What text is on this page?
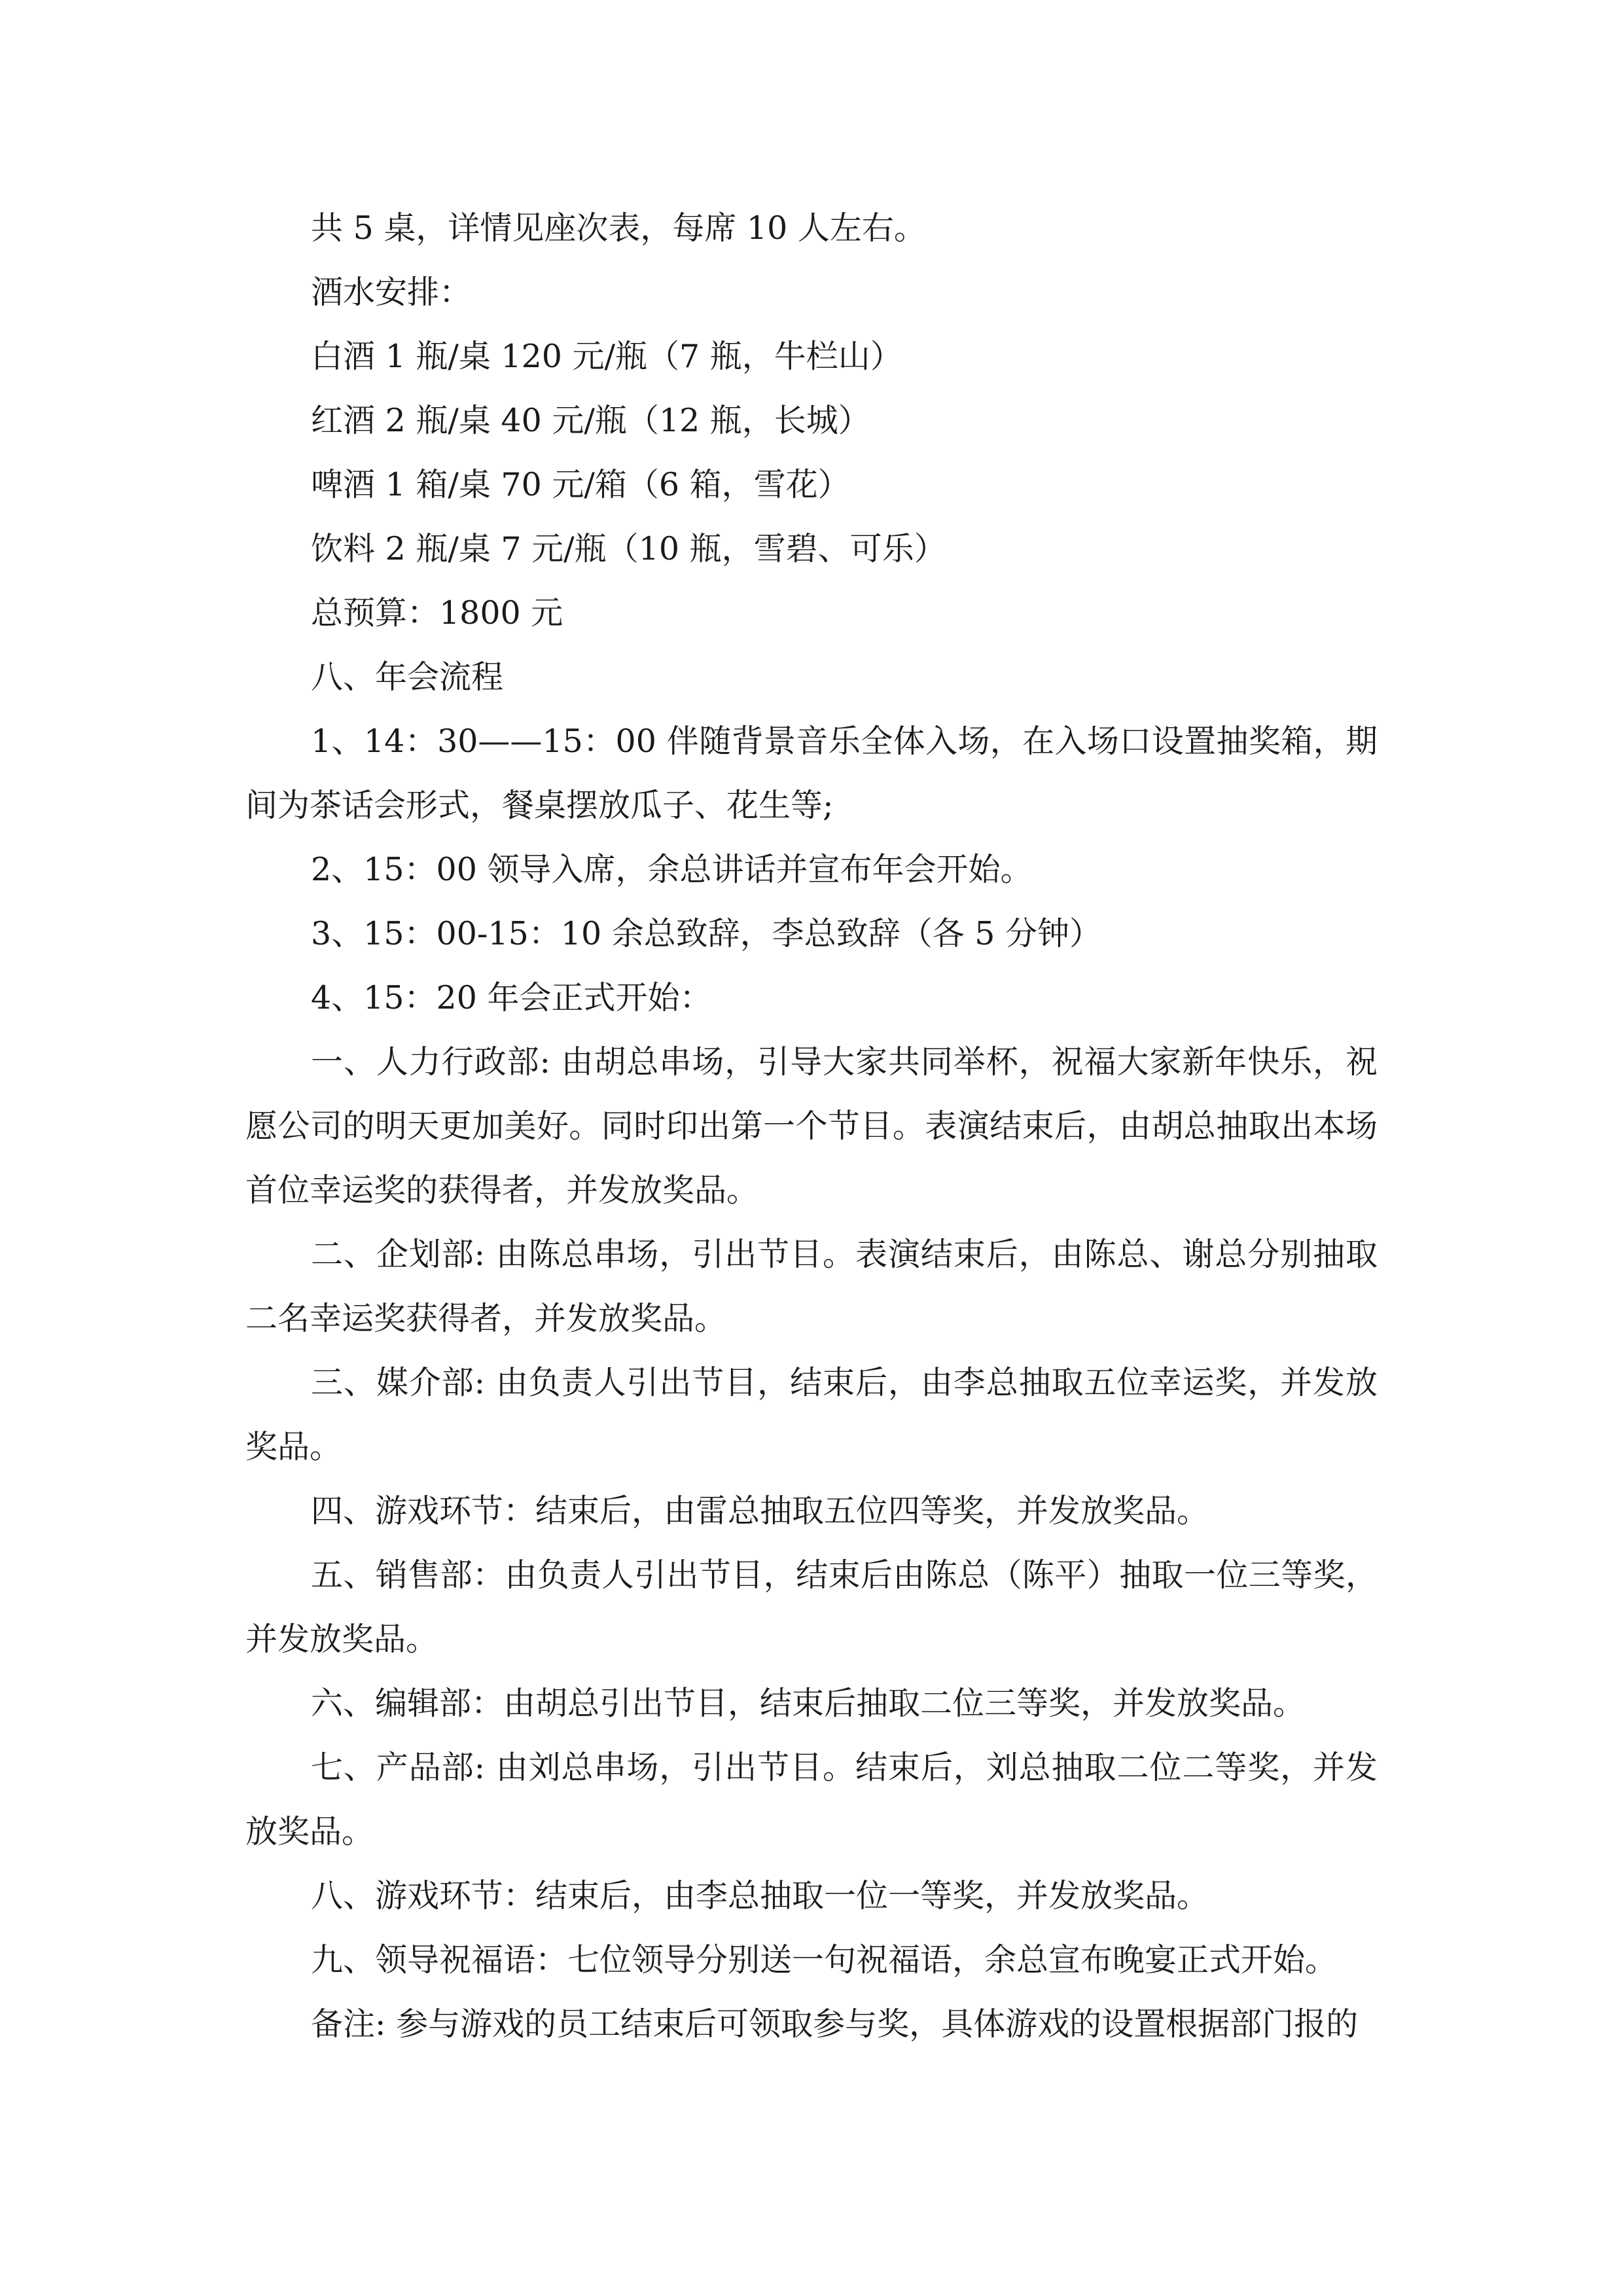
共 5 桌，详情见座次表，每席 10 人左右。

酒水安排：

白酒 1 瓶/桌 120 元/瓶（7 瓶，牛栏山）

红酒 2 瓶/桌 40 元/瓶（12 瓶，长城）

啤酒 1 箱/桌 70 元/箱（6 箱，雪花）

饮料 2 瓶/桌 7 元/瓶（10 瓶，雪碧、可乐）

总预算：1800 元

八、年会流程

1、14：30——15：00 伴随背景音乐全体入场，在入场口设置抽奖箱，期间为茶话会形式，餐桌摆放瓜子、花生等;

2、15：00 领导入席，余总讲话并宣布年会开始。

3、15：00-15：10 余总致辞，李总致辞（各 5 分钟）

4、15：20 年会正式开始：

一、人力行政部: 由胡总串场，引导大家共同举杯，祝福大家新年快乐，祝愿公司的明天更加美好。同时印出第一个节目。表演结束后，由胡总抽取出本场首位幸运奖的获得者，并发放奖品。

二、企划部: 由陈总串场，引出节目。表演结束后，由陈总、谢总分别抽取二名幸运奖获得者，并发放奖品。

三、媒介部: 由负责人引出节目，结束后，由李总抽取五位幸运奖，并发放奖品。

四、游戏环节：结束后，由雷总抽取五位四等奖，并发放奖品。

五、销售部：由负责人引出节目，结束后由陈总（陈平）抽取一位三等奖，并发放奖品。

六、编辑部：由胡总引出节目，结束后抽取二位三等奖，并发放奖品。

七、产品部: 由刘总串场，引出节目。结束后，刘总抽取二位二等奖，并发放奖品。

八、游戏环节：结束后，由李总抽取一位一等奖，并发放奖品。

九、领导祝福语：七位领导分别送一句祝福语，余总宣布晚宴正式开始。

备注: 参与游戏的员工结束后可领取参与奖，具体游戏的设置根据部门报的
